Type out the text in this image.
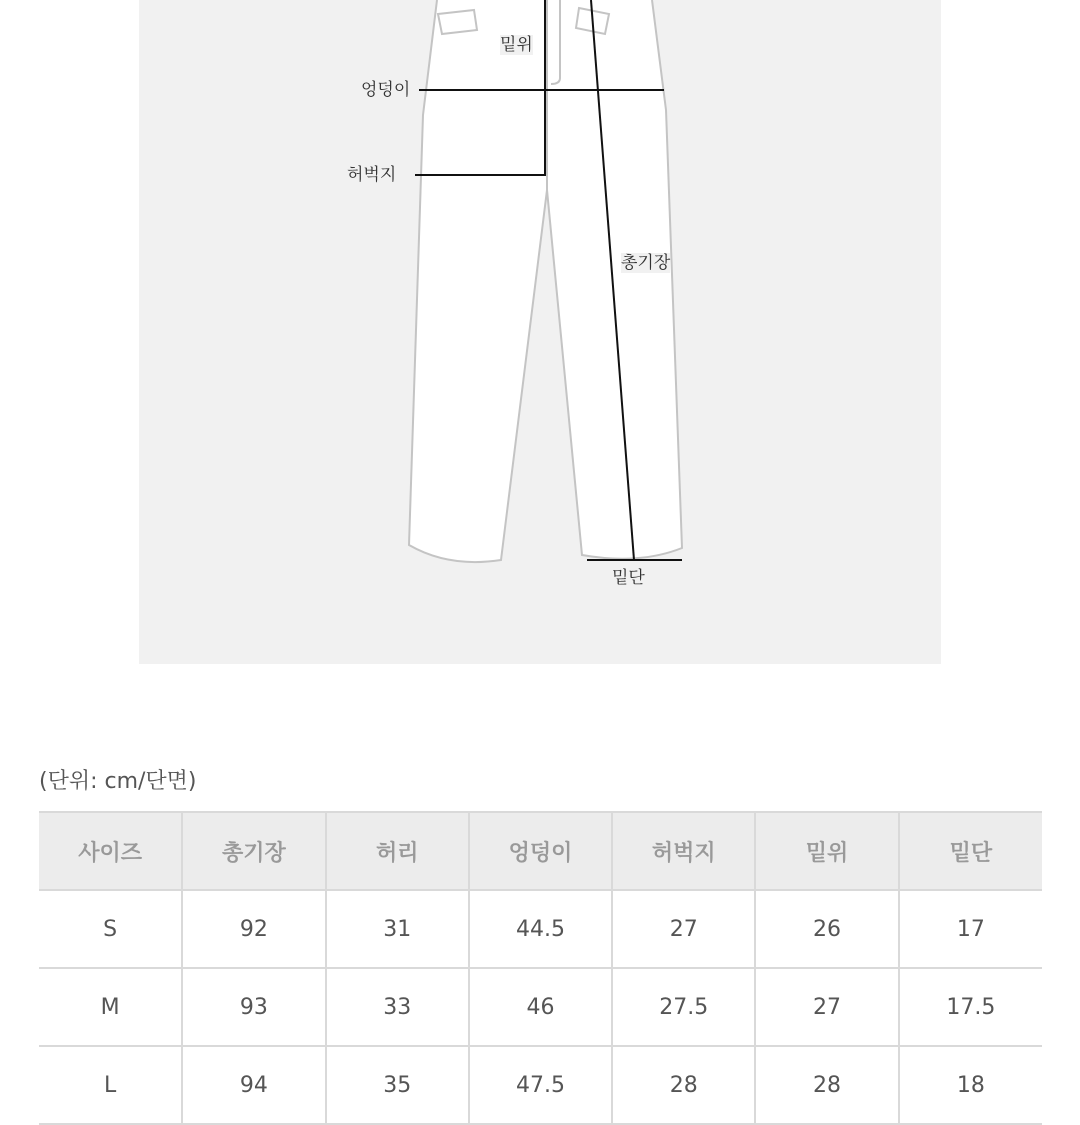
밑위
엉덩이
허벅지
총기장
밑단
(단위: cm/단면)
사이즈	총기장	허리	엉덩이	허벅지	밑위	밑단
S	92	31	44.5	27	26	17
M	93	33	46	27.5	27	17.5
L	94	35	47.5	28	28	18
